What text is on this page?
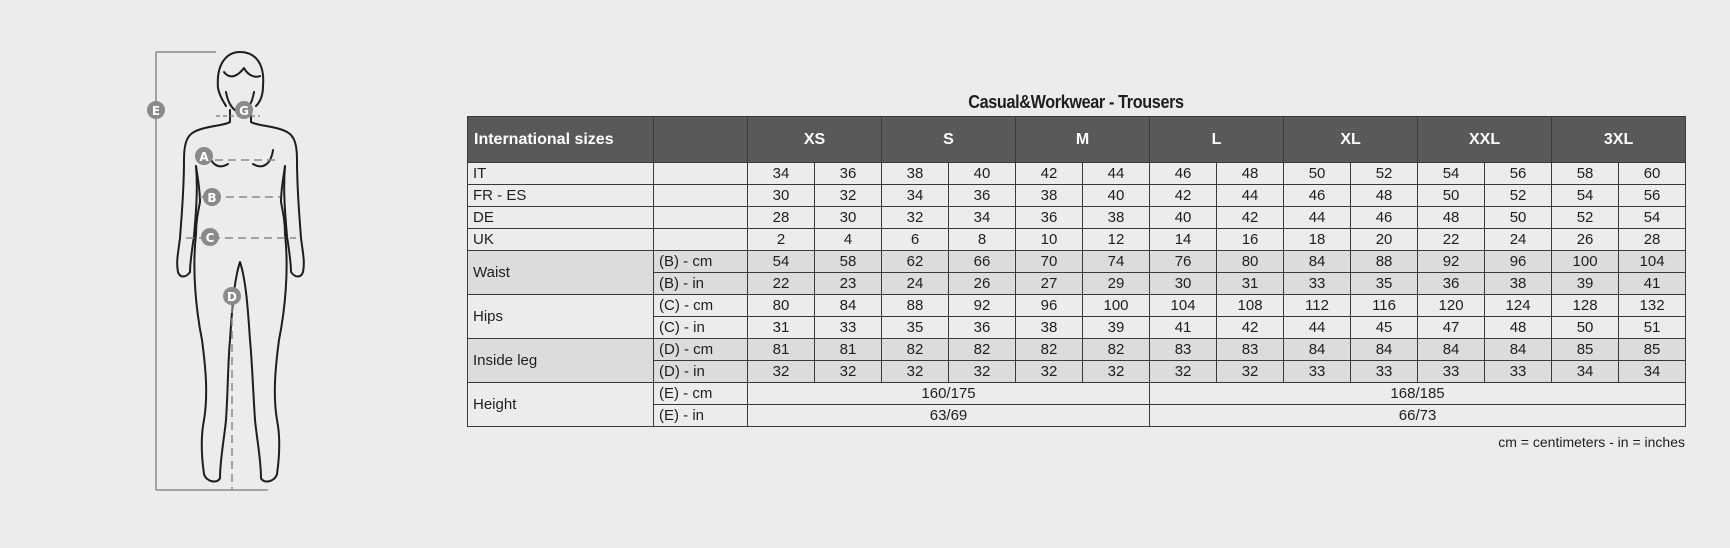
E	G
A
B
C
D
Casual&Workwear - Trousers
International sizes		XS		S		M		L		XL		XXL		3XL	
IT		34	36	38	40	42	44	46	48	50	52	54	56	58	60
FR - ES		30	32	34	36	38	40	42	44	46	48	50	52	54	56
DE		28	30	32	34	36	38	40	42	44	46	48	50	52	54
UK		2	4	6	8	10	12	14	16	18	20	22	24	26	28
Waist	(B) - cm	54	58	62	66	70	74	76	80	84	88	92	96	100	104
	(B) - in	22	23	24	26	27	29	30	31	33	35	36	38	39	41
Hips	(C) - cm	80	84	88	92	96	100	104	108	112	116	120	124	128	132
	(C) - in	31	33	35	36	38	39	41	42	44	45	47	48	50	51
Inside leg	(D) - cm	81	81	82	82	82	82	83	83	84	84	84	84	85	85
	(D) - in	32	32	32	32	32	32	32	32	33	33	33	33	34	34
Height	(E) - cm	160/175						168/185							
	(E) - in	63/69						66/73							
cm = centimeters - in = inches
